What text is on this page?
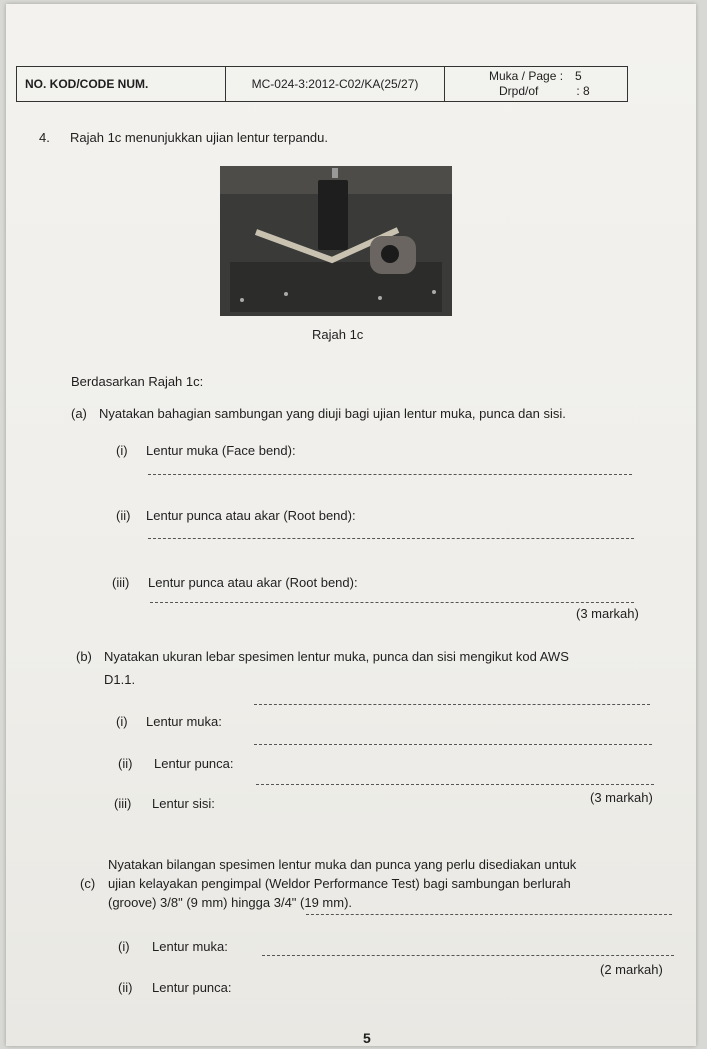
NO. KOD/CODE NUM.	MC-024-3:2012-C02/KA(25/27)
Muka / Page : 5
Drpd/of	: 8
4. Rajah 1c menunjukkan ujian lentur terpandu.
Rajah 1c
Berdasarkan Rajah 1c:
(a) Nyatakan bahagian sambungan yang diuji bagi ujian lentur muka, punca dan sisi.
(i) Lentur muka (Face bend):
(ii) Lentur punca atau akar (Root bend):
(iii) Lentur punca atau akar (Root bend):
(3 markah)
(b) Nyatakan ukuran lebar spesimen lentur muka, punca dan sisi mengikut kod AWS
D1.1.
(i) Lentur muka:
(ii) Lentur punca:
(iii) Lentur sisi:	(3 markah)
(c)
Nyatakan bilangan spesimen lentur muka dan punca yang perlu disediakan untuk
ujian kelayakan pengimpal (Weldor Performance Test) bagi sambungan berlurah
(groove) 3/8" (9 mm) hingga 3/4" (19 mm).
(i) Lentur muka:
(ii) Lentur punca:
(2 markah)
5
